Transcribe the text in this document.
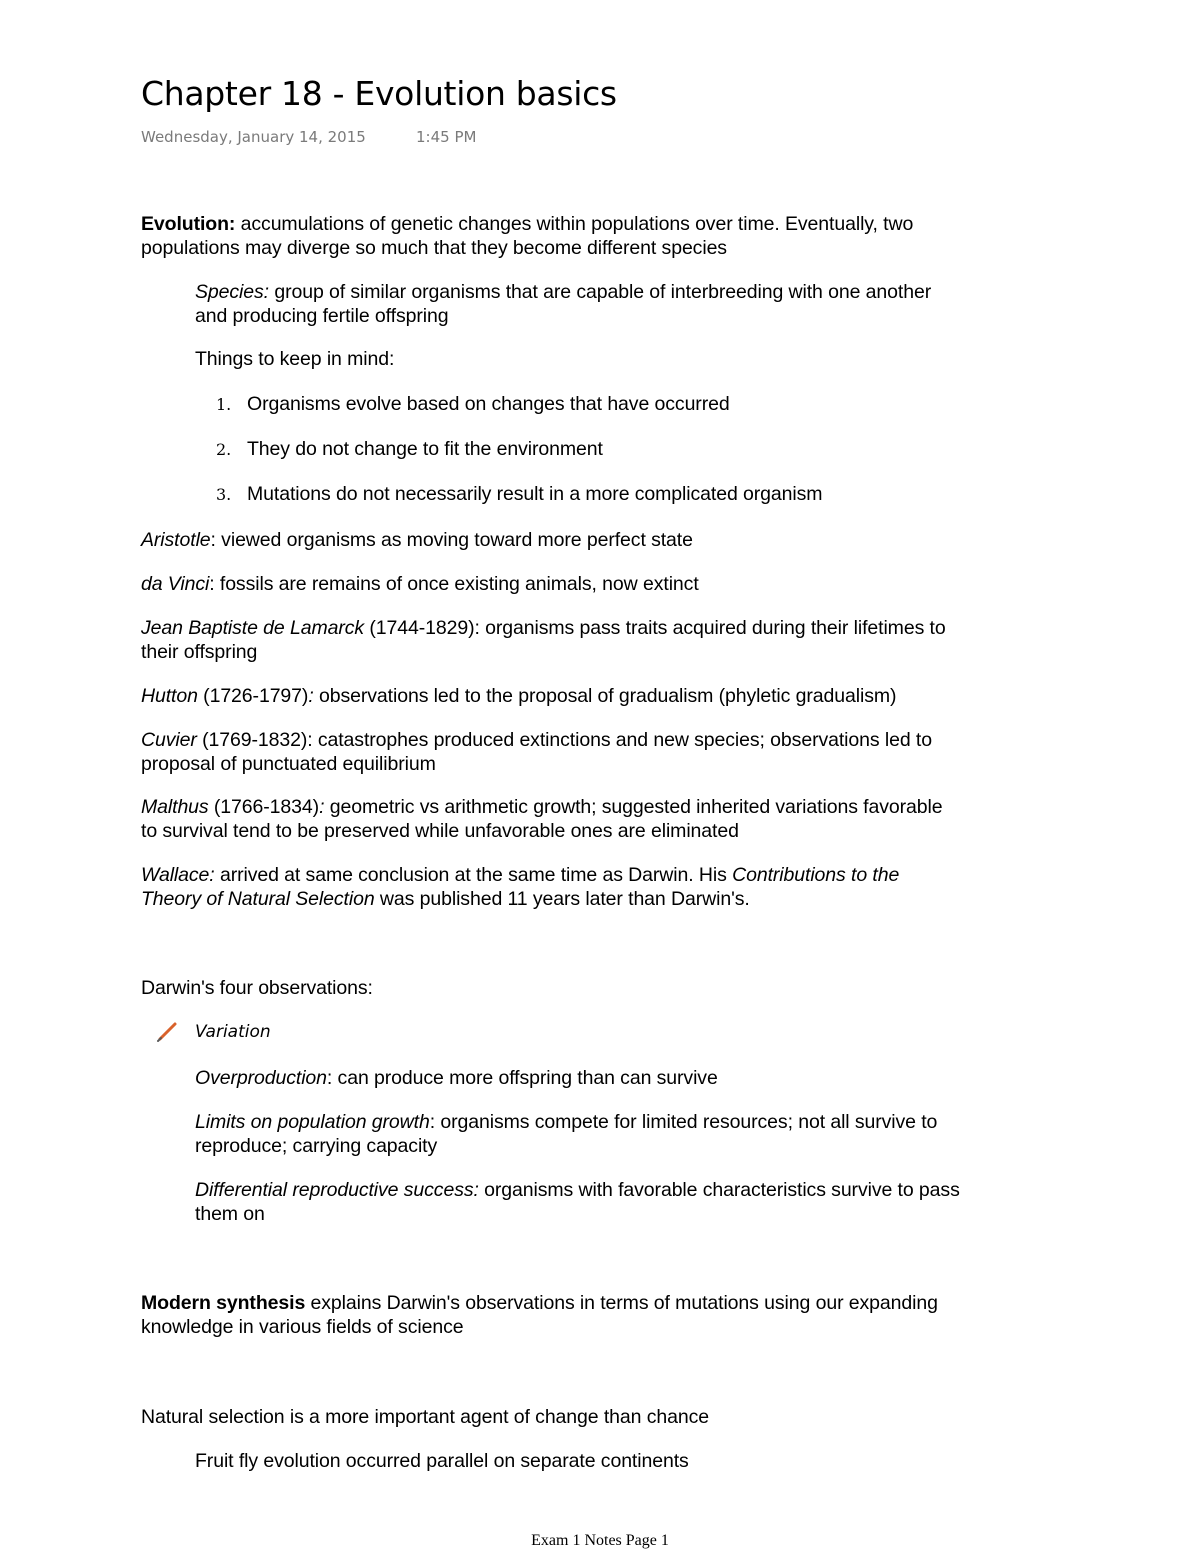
Chapter 18 - Evolution basics
Wednesday, January 14, 2015	1:45 PM
Evolution: accumulations of genetic changes within populations over time. Eventually, two
populations may diverge so much that they become different species
Species: group of similar organisms that are capable of interbreeding with one another
and producing fertile offspring
Things to keep in mind:
1. Organisms evolve based on changes that have occurred
2. They do not change to fit the environment
3. Mutations do not necessarily result in a more complicated organism
Aristotle: viewed organisms as moving toward more perfect state
da Vinci: fossils are remains of once existing animals, now extinct
Jean Baptiste de Lamarck (1744-1829): organisms pass traits acquired during their lifetimes to
their offspring
Hutton (1726-1797): observations led to the proposal of gradualism (phyletic gradualism)
Cuvier (1769-1832): catastrophes produced extinctions and new species; observations led to
proposal of punctuated equilibrium
Malthus (1766-1834): geometric vs arithmetic growth; suggested inherited variations favorable
to survival tend to be preserved while unfavorable ones are eliminated
Wallace: arrived at same conclusion at the same time as Darwin. His Contributions to the
Theory of Natural Selection was published 11 years later than Darwin's.
Darwin's four observations:
Variation
Overproduction: can produce more offspring than can survive
Limits on population growth: organisms compete for limited resources; not all survive to
reproduce; carrying capacity
Differential reproductive success: organisms with favorable characteristics survive to pass
them on
Modern synthesis explains Darwin's observations in terms of mutations using our expanding
knowledge in various fields of science
Natural selection is a more important agent of change than chance
Fruit fly evolution occurred parallel on separate continents
Exam 1 Notes Page 1
